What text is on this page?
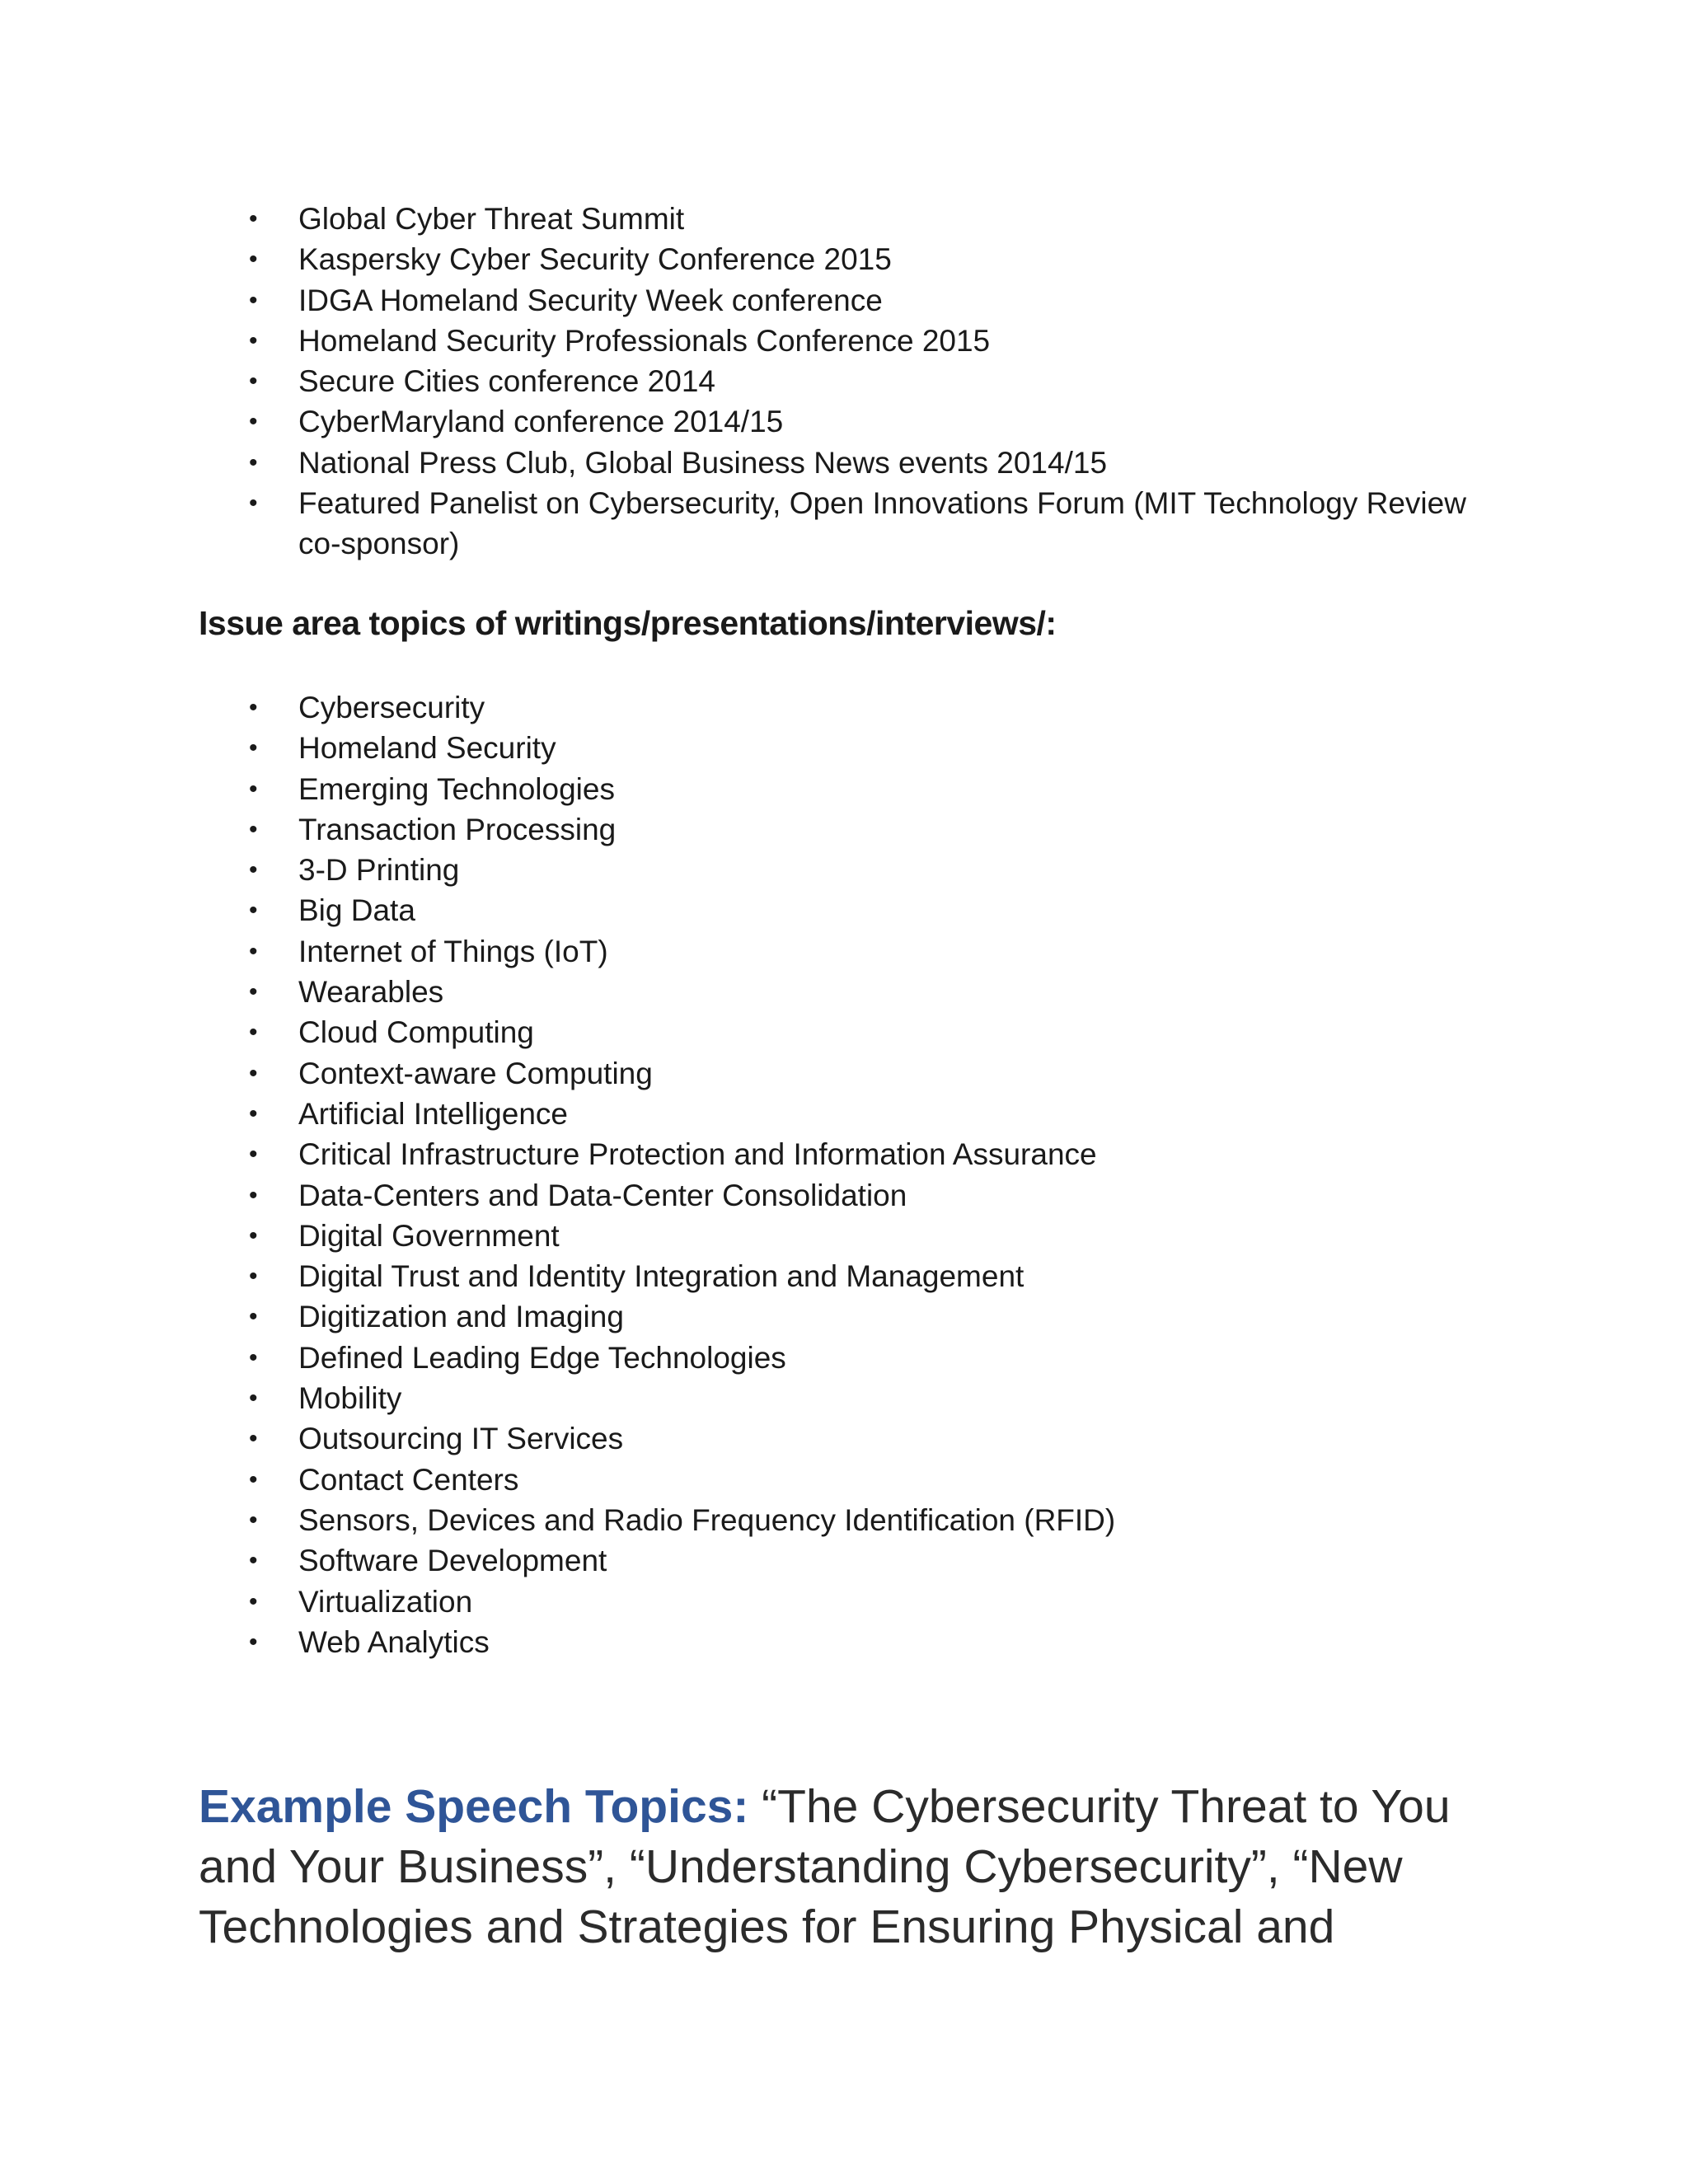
• Global Cyber Threat Summit
• Kaspersky Cyber Security Conference 2015
• IDGA Homeland Security Week conference
• Homeland Security Professionals Conference 2015
• Secure Cities conference 2014
• CyberMaryland conference 2014/15
• National Press Club, Global Business News events 2014/15
• Featured Panelist on Cybersecurity, Open Innovations Forum (MIT Technology Review co-sponsor)
Issue area topics of writings/presentations/interviews/:
• Cybersecurity
• Homeland Security
• Emerging Technologies
• Transaction Processing
• 3-D Printing
• Big Data
• Internet of Things (IoT)
• Wearables
• Cloud Computing
• Context-aware Computing
• Artificial Intelligence
• Critical Infrastructure Protection and Information Assurance
• Data-Centers and Data-Center Consolidation
• Digital Government
• Digital Trust and Identity Integration and Management
• Digitization and Imaging
• Defined Leading Edge Technologies
• Mobility
• Outsourcing IT Services
• Contact Centers
• Sensors, Devices and Radio Frequency Identification (RFID)
• Software Development
• Virtualization
• Web Analytics
Example Speech Topics: “The Cybersecurity Threat to You and Your Business”, “Understanding Cybersecurity”, “New Technologies and Strategies for Ensuring Physical and
